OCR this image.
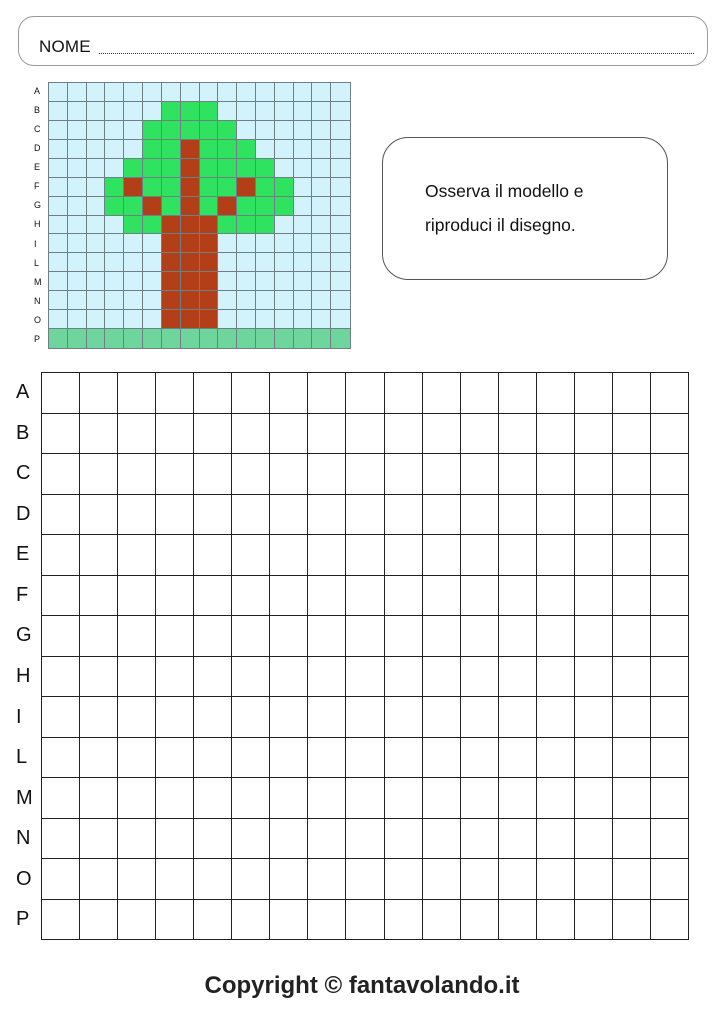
NOME
A
B
C
D
E
F
G
H
I
L
M
N
O
P
Osserva il modello e
riproduci il disegno.
A
B
C
D
E
F
G
H
I
L
M
N
O
P
Copyright © fantavolando.it
